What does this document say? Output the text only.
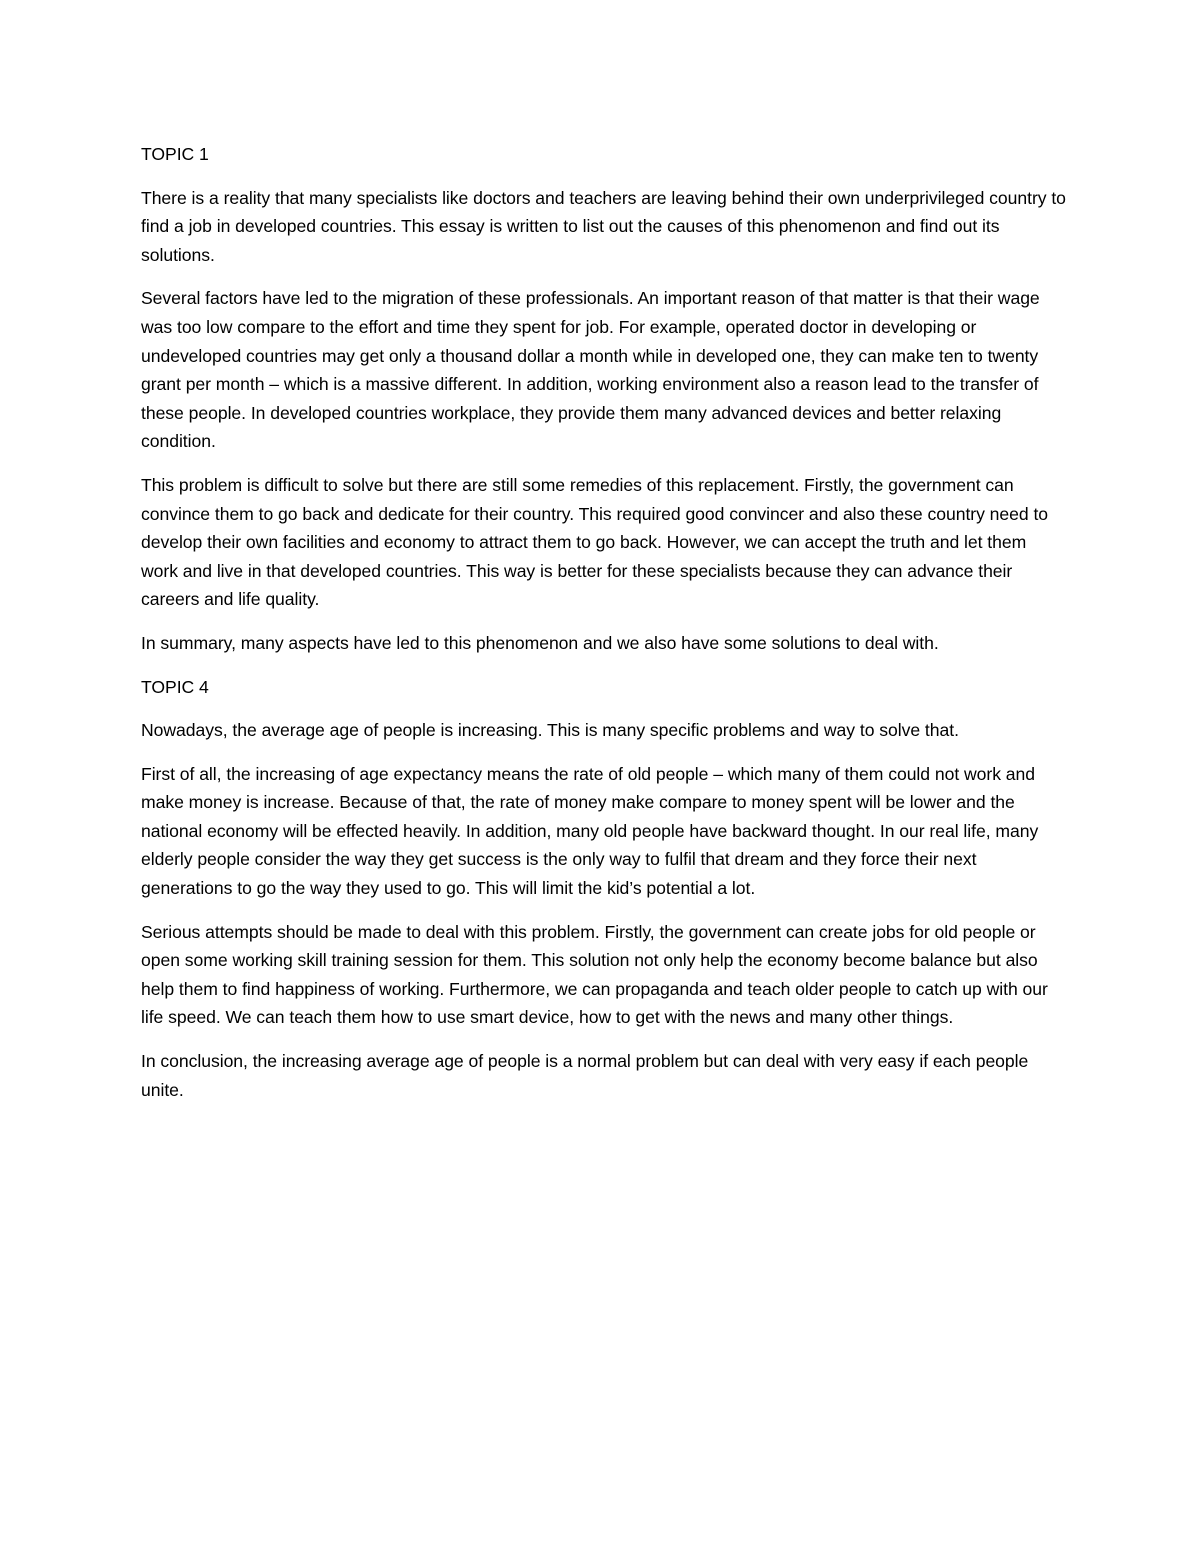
TOPIC 1

There is a reality that many specialists like doctors and teachers are leaving behind their own underprivileged country to find a job in developed countries. This essay is written to list out the causes of this phenomenon and find out its solutions.

Several factors have led to the migration of these professionals. An important reason of that matter is that their wage was too low compare to the effort and time they spent for job. For example, operated doctor in developing or undeveloped countries may get only a thousand dollar a month while in developed one, they can make ten to twenty grant per month – which is a massive different. In addition, working environment also a reason lead to the transfer of these people. In developed countries workplace, they provide them many advanced devices and better relaxing condition.

This problem is difficult to solve but there are still some remedies of this replacement. Firstly, the government can convince them to go back and dedicate for their country. This required good convincer and also these country need to develop their own facilities and economy to attract them to go back. However, we can accept the truth and let them work and live in that developed countries. This way is better for these specialists because they can advance their careers and life quality.

In summary, many aspects have led to this phenomenon and we also have some solutions to deal with.

TOPIC 4

Nowadays, the average age of people is increasing. This is many specific problems and way to solve that.

First of all, the increasing of age expectancy means the rate of old people – which many of them could not work and make money is increase. Because of that, the rate of money make compare to money spent will be lower and the national economy will be effected heavily. In addition, many old people have backward thought. In our real life, many elderly people consider the way they get success is the only way to fulfil that dream and they force their next generations to go the way they used to go. This will limit the kid’s potential a lot.

Serious attempts should be made to deal with this problem. Firstly, the government can create jobs for old people or open some working skill training session for them. This solution not only help the economy become balance but also help them to find happiness of working. Furthermore, we can propaganda and teach older people to catch up with our life speed. We can teach them how to use smart device, how to get with the news and many other things.

In conclusion, the increasing average age of people is a normal problem but can deal with very easy if each people unite.
